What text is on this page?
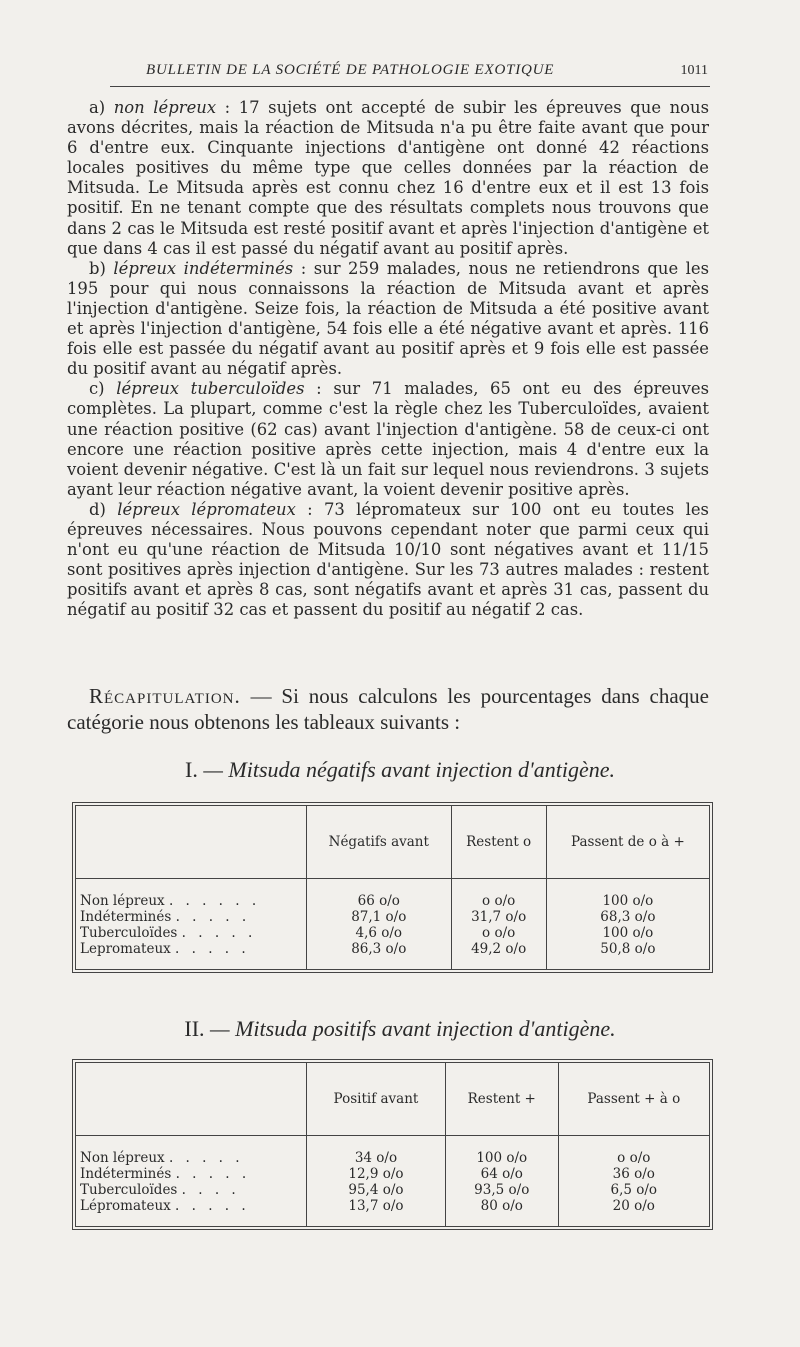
BULLETIN DE LA SOCIÉTÉ DE PATHOLOGIE EXOTIQUE	1011

a) non lépreux : 17 sujets ont accepté de subir les épreuves que nous avons décrites, mais la réaction de Mitsuda n'a pu être faite avant que pour 6 d'entre eux. Cinquante injections d'antigène ont donné 42 réactions locales positives du même type que celles données par la réaction de Mitsuda. Le Mitsuda après est connu chez 16 d'entre eux et il est 13 fois positif. En ne tenant compte que des résultats complets nous trouvons que dans 2 cas le Mitsuda est resté positif avant et après l'injection d'antigène et que dans 4 cas il est passé du négatif avant au positif après.

b) lépreux indéterminés : sur 259 malades, nous ne retiendrons que les 195 pour qui nous connaissons la réaction de Mitsuda avant et après l'injection d'antigène. Seize fois, la réaction de Mitsuda a été positive avant et après l'injection d'antigène, 54 fois elle a été négative avant et après. 116 fois elle est passée du négatif avant au positif après et 9 fois elle est passée du positif avant au négatif après.

c) lépreux tuberculoïdes : sur 71 malades, 65 ont eu des épreuves complètes. La plupart, comme c'est la règle chez les Tuberculoïdes, avaient une réaction positive (62 cas) avant l'injection d'antigène. 58 de ceux-ci ont encore une réaction positive après cette injection, mais 4 d'entre eux la voient devenir négative. C'est là un fait sur lequel nous reviendrons. 3 sujets ayant leur réaction négative avant, la voient devenir positive après.

d) lépreux lépromateux : 73 lépromateux sur 100 ont eu toutes les épreuves nécessaires. Nous pouvons cependant noter que parmi ceux qui n'ont eu qu'une réaction de Mitsuda 10/10 sont négatives avant et 11/15 sont positives après injection d'antigène. Sur les 73 autres malades : restent positifs avant et après 8 cas, sont négatifs avant et après 31 cas, passent du négatif au positif 32 cas et passent du positif au négatif 2 cas.

Récapitulation. — Si nous calculons les pourcentages dans chaque catégorie nous obtenons les tableaux suivants :

I. — Mitsuda négatifs avant injection d'antigène.
	Négatifs avant	Restent o	Passent de o à +

Non lépreux . . . . . .	66 o/o	o o/o	100 o/o
Indéterminés . . . . .	87,1 o/o	31,7 o/o	68,3 o/o
Tuberculoïdes . . . . .	4,6 o/o	o o/o	100 o/o
Lepromateux . . . . .	86,3 o/o	49,2 o/o	50,8 o/o

II. — Mitsuda positifs avant injection d'antigène.
	Positif avant	Restent +	Passent + à o

Non lépreux . . . . .	34 o/o	100 o/o	o o/o
Indéterminés . . . . .	12,9 o/o	64 o/o	36 o/o
Tuberculoïdes . . . .	95,4 o/o	93,5 o/o	6,5 o/o
Lépromateux . . . . .	13,7 o/o	80 o/o	20 o/o
